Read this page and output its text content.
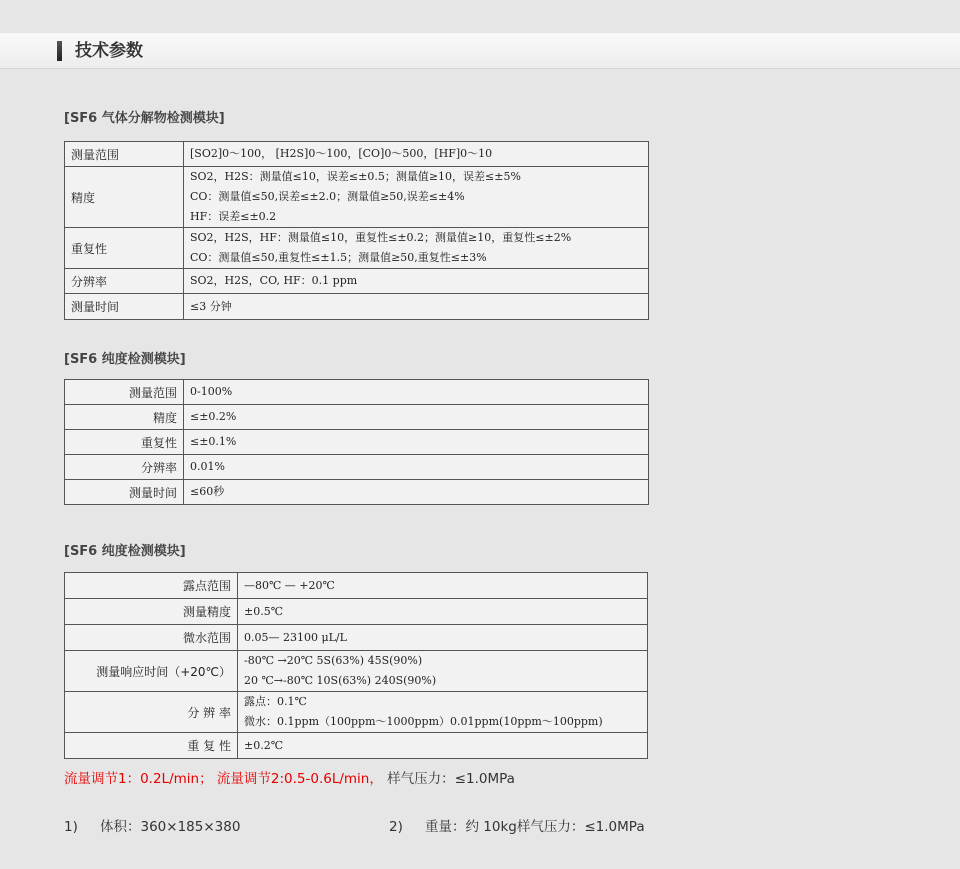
技术参数
[SF6 气体分解物检测模块]
测量范围	[SO2]0～100， [H2S]0～100，[CO]0～500，[HF]0～10

精度	SO2，H2S：测量值≤10，误差≤±0.5；测量值≥10，误差≤±5%
CO：测量值≤50,误差≤±2.0；测量值≥50,误差≤±4%
HF：误差≤±0.2

重复性	SO2，H2S，HF：测量值≤10，重复性≤±0.2；测量值≥10，重复性≤±2%
CO：测量值≤50,重复性≤±1.5；测量值≥50,重复性≤±3%

分辨率	SO2，H2S，CO, HF：0.1 ppm

测量时间	≤3 分钟
[SF6 纯度检测模块]
测量范围	0-100%

精度	≤±0.2%

重复性	≤±0.1%

分辨率	0.01%

测量时间	≤60秒
[SF6 纯度检测模块]
露点范围	—80℃ — +20℃

测量精度	±0.5℃

微水范围	0.05— 23100 μL/L

测量响应时间（+20℃）	-80℃ →20℃ 5S(63%) 45S(90%)
20 ℃→-80℃ 10S(63%) 240S(90%)

分 辨 率	露点：0.1℃
微水：0.1ppm（100ppm～1000ppm）0.01ppm(10ppm～100ppm)

重 复 性	±0.2℃
流量调节1：0.2L/min； 流量调节2:0.5-0.6L/min， 样气压力：≤1.0MPa
1) 体积：360×185×380	2) 重量：约 10kg样气压力：≤1.0MPa
